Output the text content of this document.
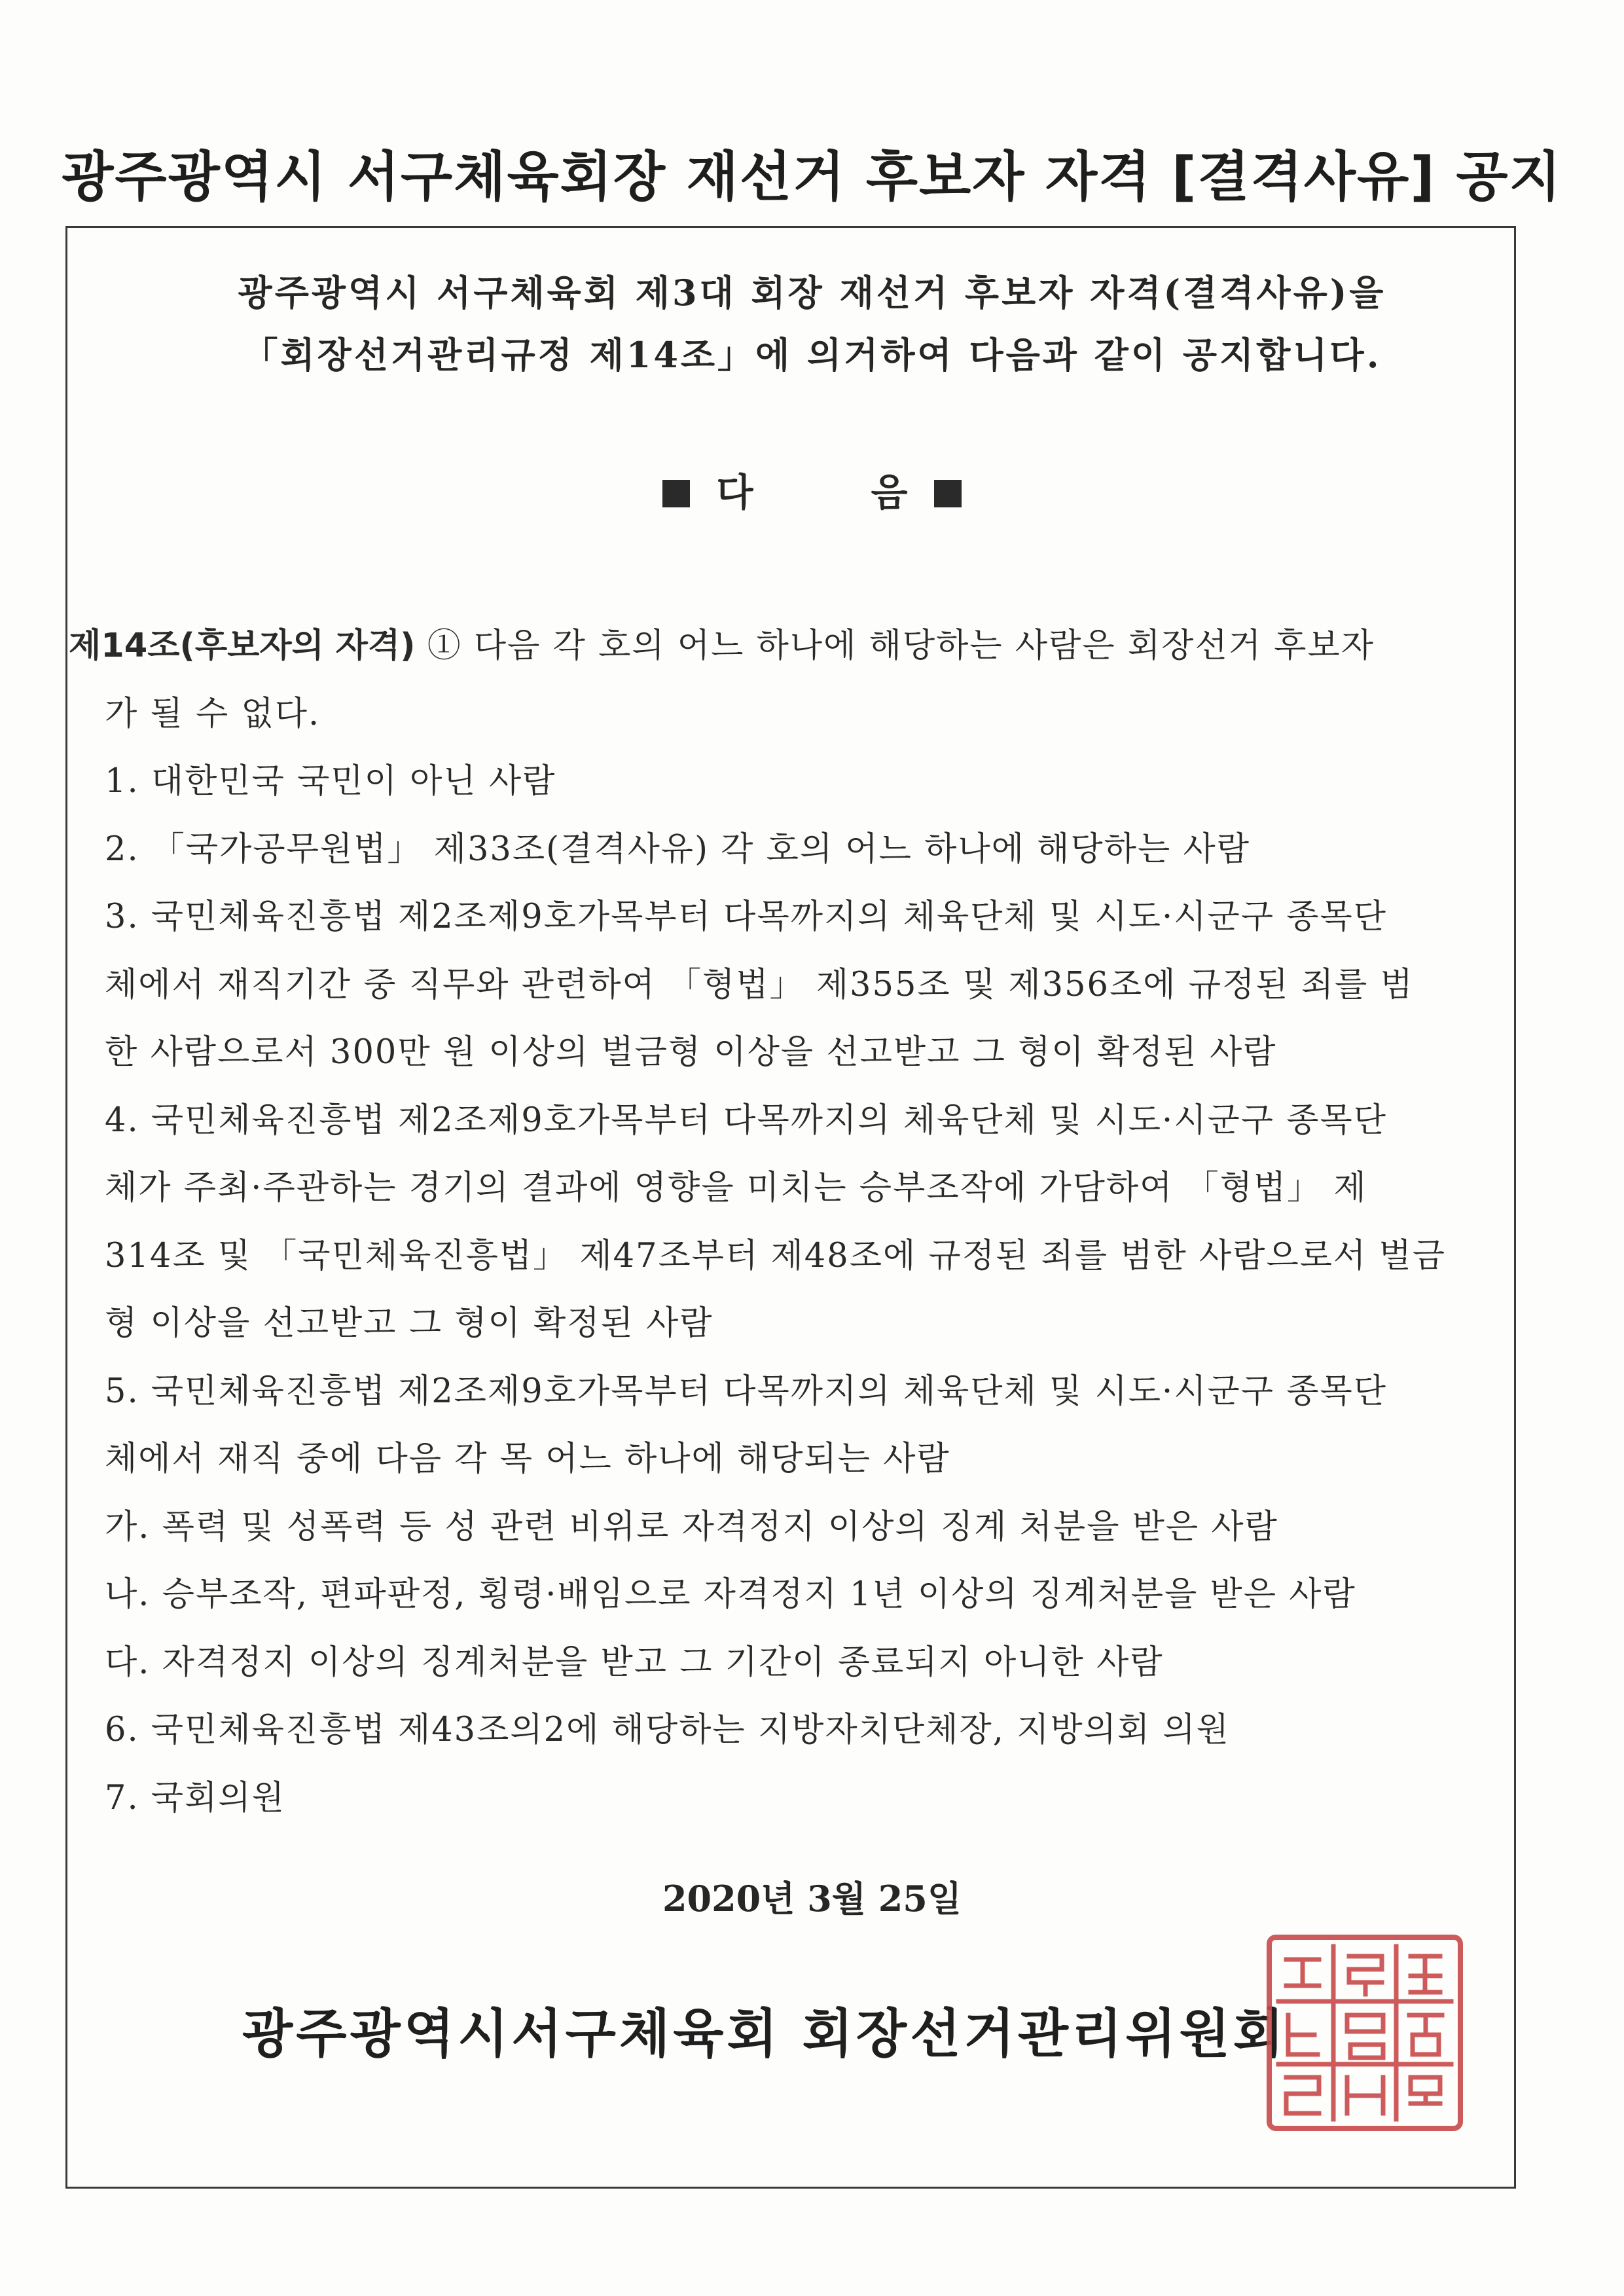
광주광역시 서구체육회장 재선거 후보자 자격 [결격사유] 공지
광주광역시 서구체육회 제3대 회장 재선거 후보자 자격(결격사유)을
「회장선거관리규정 제14조」에 의거하여 다음과 같이 공지합니다.
다 음
제14조(후보자의 자격) ① 다음 각 호의 어느 하나에 해당하는 사람은 회장선거 후보자
가 될 수 없다.
1. 대한민국 국민이 아닌 사람
2. 「국가공무원법」 제33조(결격사유) 각 호의 어느 하나에 해당하는 사람
3. 국민체육진흥법 제2조제9호가목부터 다목까지의 체육단체 및 시도·시군구 종목단
체에서 재직기간 중 직무와 관련하여 「형법」 제355조 및 제356조에 규정된 죄를 범
한 사람으로서 300만 원 이상의 벌금형 이상을 선고받고 그 형이 확정된 사람
4. 국민체육진흥법 제2조제9호가목부터 다목까지의 체육단체 및 시도·시군구 종목단
체가 주최·주관하는 경기의 결과에 영향을 미치는 승부조작에 가담하여 「형법」 제
314조 및 「국민체육진흥법」 제47조부터 제48조에 규정된 죄를 범한 사람으로서 벌금
형 이상을 선고받고 그 형이 확정된 사람
5. 국민체육진흥법 제2조제9호가목부터 다목까지의 체육단체 및 시도·시군구 종목단
체에서 재직 중에 다음 각 목 어느 하나에 해당되는 사람
가. 폭력 및 성폭력 등 성 관련 비위로 자격정지 이상의 징계 처분을 받은 사람
나. 승부조작, 편파판정, 횡령·배임으로 자격정지 1년 이상의 징계처분을 받은 사람
다. 자격정지 이상의 징계처분을 받고 그 기간이 종료되지 아니한 사람
6. 국민체육진흥법 제43조의2에 해당하는 지방자치단체장, 지방의회 의원
7. 국회의원
2020년 3월 25일
광주광역시서구체육회 회장선거관리위원회
